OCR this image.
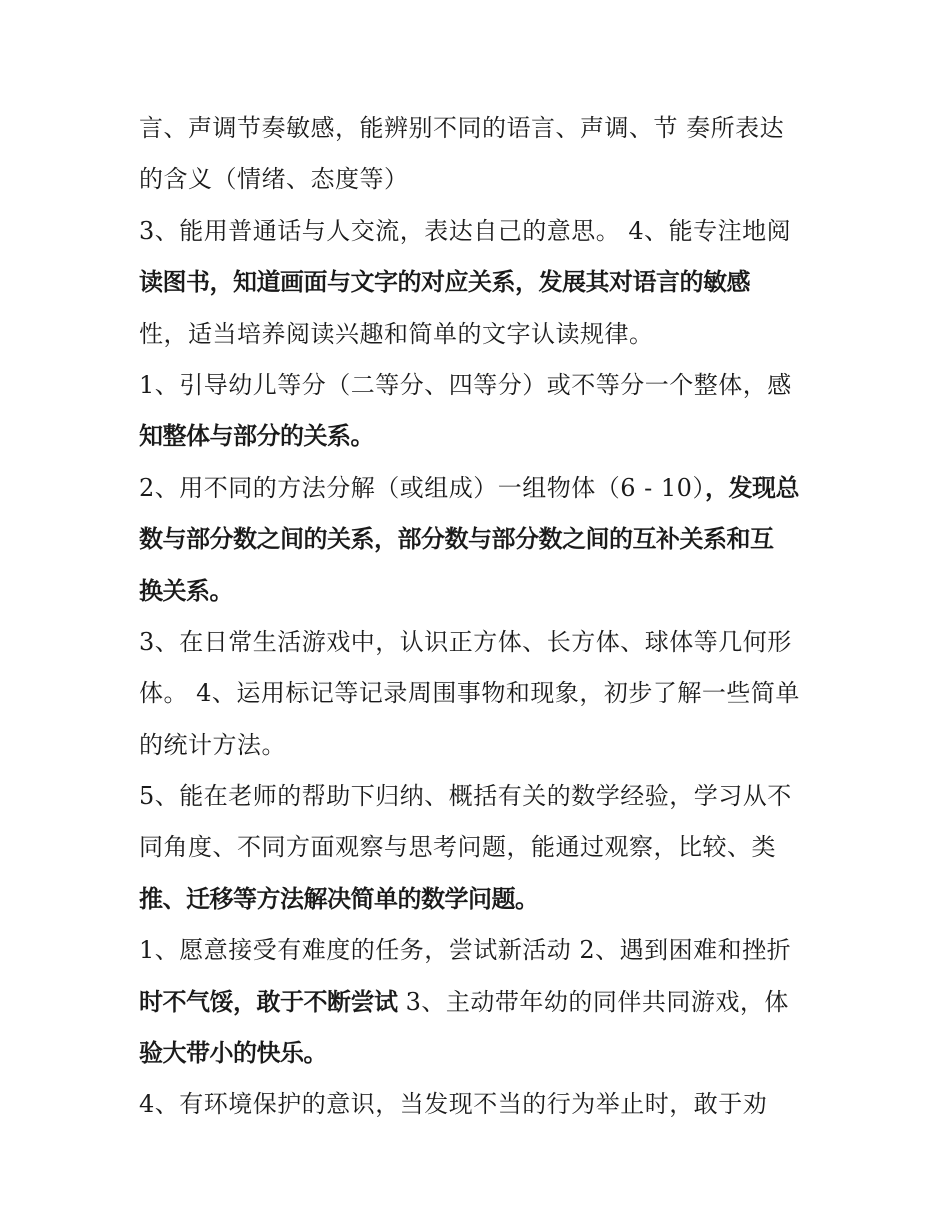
言、声调节奏敏感，能辨别不同的语言、声调、节 奏所表达
的含义（情绪、态度等）
3、能用普通话与人交流，表达自己的意思。 4、能专注地阅
读图书，知道画面与文字的对应关系，发展其对语言的敏感
性，适当培养阅读兴趣和简单的文字认读规律。
1、引导幼儿等分（二等分、四等分）或不等分一个整体，感
知整体与部分的关系。
2、用不同的方法分解（或组成）一组物体（6 - 10），发现总
数与部分数之间的关系，部分数与部分数之间的互补关系和互
换关系。
3、在日常生活游戏中，认识正方体、长方体、球体等几何形
体。 4、运用标记等记录周围事物和现象，初步了解一些简单
的统计方法。
5、能在老师的帮助下归纳、概括有关的数学经验，学习从不
同角度、不同方面观察与思考问题，能通过观察，比较、类
推、迁移等方法解决简单的数学问题。
1、愿意接受有难度的任务，尝试新活动 2、遇到困难和挫折
时不气馁，敢于不断尝试 3、主动带年幼的同伴共同游戏，体
验大带小的快乐。
4、有环境保护的意识，当发现不当的行为举止时，敢于劝
